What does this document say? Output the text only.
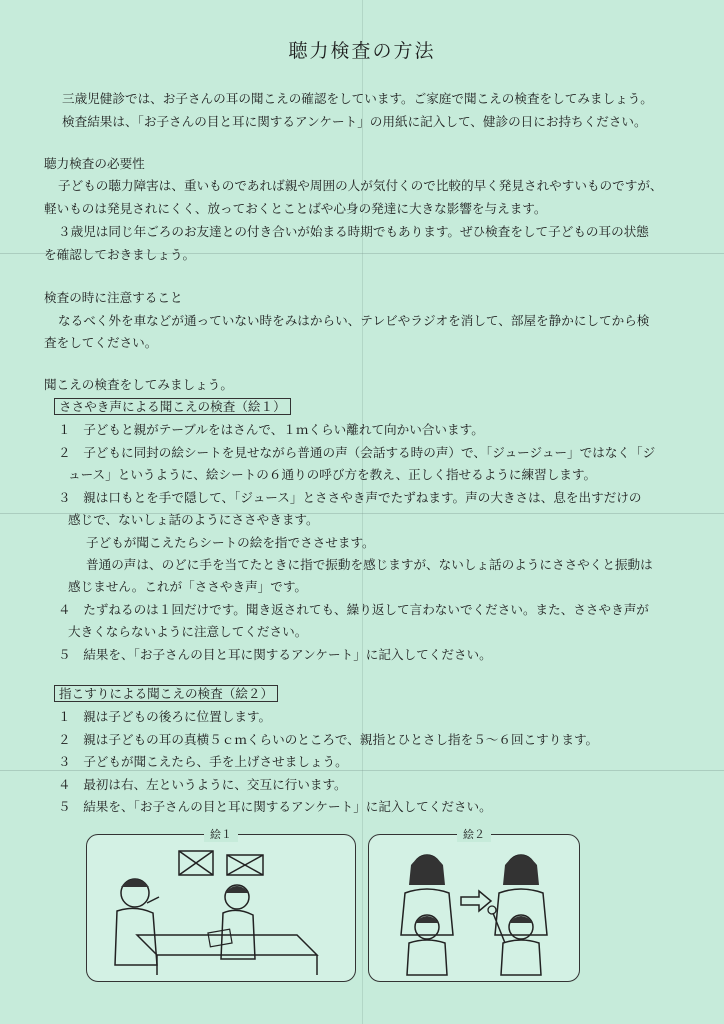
聴力検査の方法
三歳児健診では、お子さんの耳の聞こえの確認をしています。ご家庭で聞こえの検査をしてみましょう。
検査結果は、「お子さんの目と耳に関するアンケート」の用紙に記入して、健診の日にお持ちください。
聴力検査の必要性
子どもの聴力障害は、重いものであれば親や周囲の人が気付くので比較的早く発見されやすいものですが、
軽いものは発見されにくく、放っておくとことばや心身の発達に大きな影響を与えます。
３歳児は同じ年ごろのお友達との付き合いが始まる時期でもあります。ぜひ検査をして子どもの耳の状態
を確認しておきましょう。
検査の時に注意すること
なるべく外を車などが通っていない時をみはからい、テレビやラジオを消して、部屋を静かにしてから検
査をしてください。
聞こえの検査をしてみましょう。
ささやき声による聞こえの検査（絵１）
１　子どもと親がテーブルをはさんで、１ｍくらい離れて向かい合います。
２　子どもに同封の絵シートを見せながら普通の声（会話する時の声）で、「ジュージュー」ではなく「ジ
ュース」というように、絵シートの６通りの呼び方を教え、正しく指せるように練習します。
３　親は口もとを手で隠して、「ジュース」とささやき声でたずねます。声の大きさは、息を出すだけの
感じで、ないしょ話のようにささやきます。
子どもが聞こえたらシートの絵を指でささせます。
普通の声は、のどに手を当てたときに指で振動を感じますが、ないしょ話のようにささやくと振動は
感じません。これが「ささやき声」です。
４　たずねるのは１回だけです。聞き返されても、繰り返して言わないでください。また、ささやき声が
大きくならないように注意してください。
５　結果を、「お子さんの目と耳に関するアンケート」に記入してください。
指こすりによる聞こえの検査（絵２）
１　親は子どもの後ろに位置します。
２　親は子どもの耳の真横５ｃｍくらいのところで、親指とひとさし指を５～６回こすります。
３　子どもが聞こえたら、手を上げさせましょう。
４　最初は右、左というように、交互に行います。
５　結果を、「お子さんの目と耳に関するアンケート」に記入してください。
絵１	絵２
